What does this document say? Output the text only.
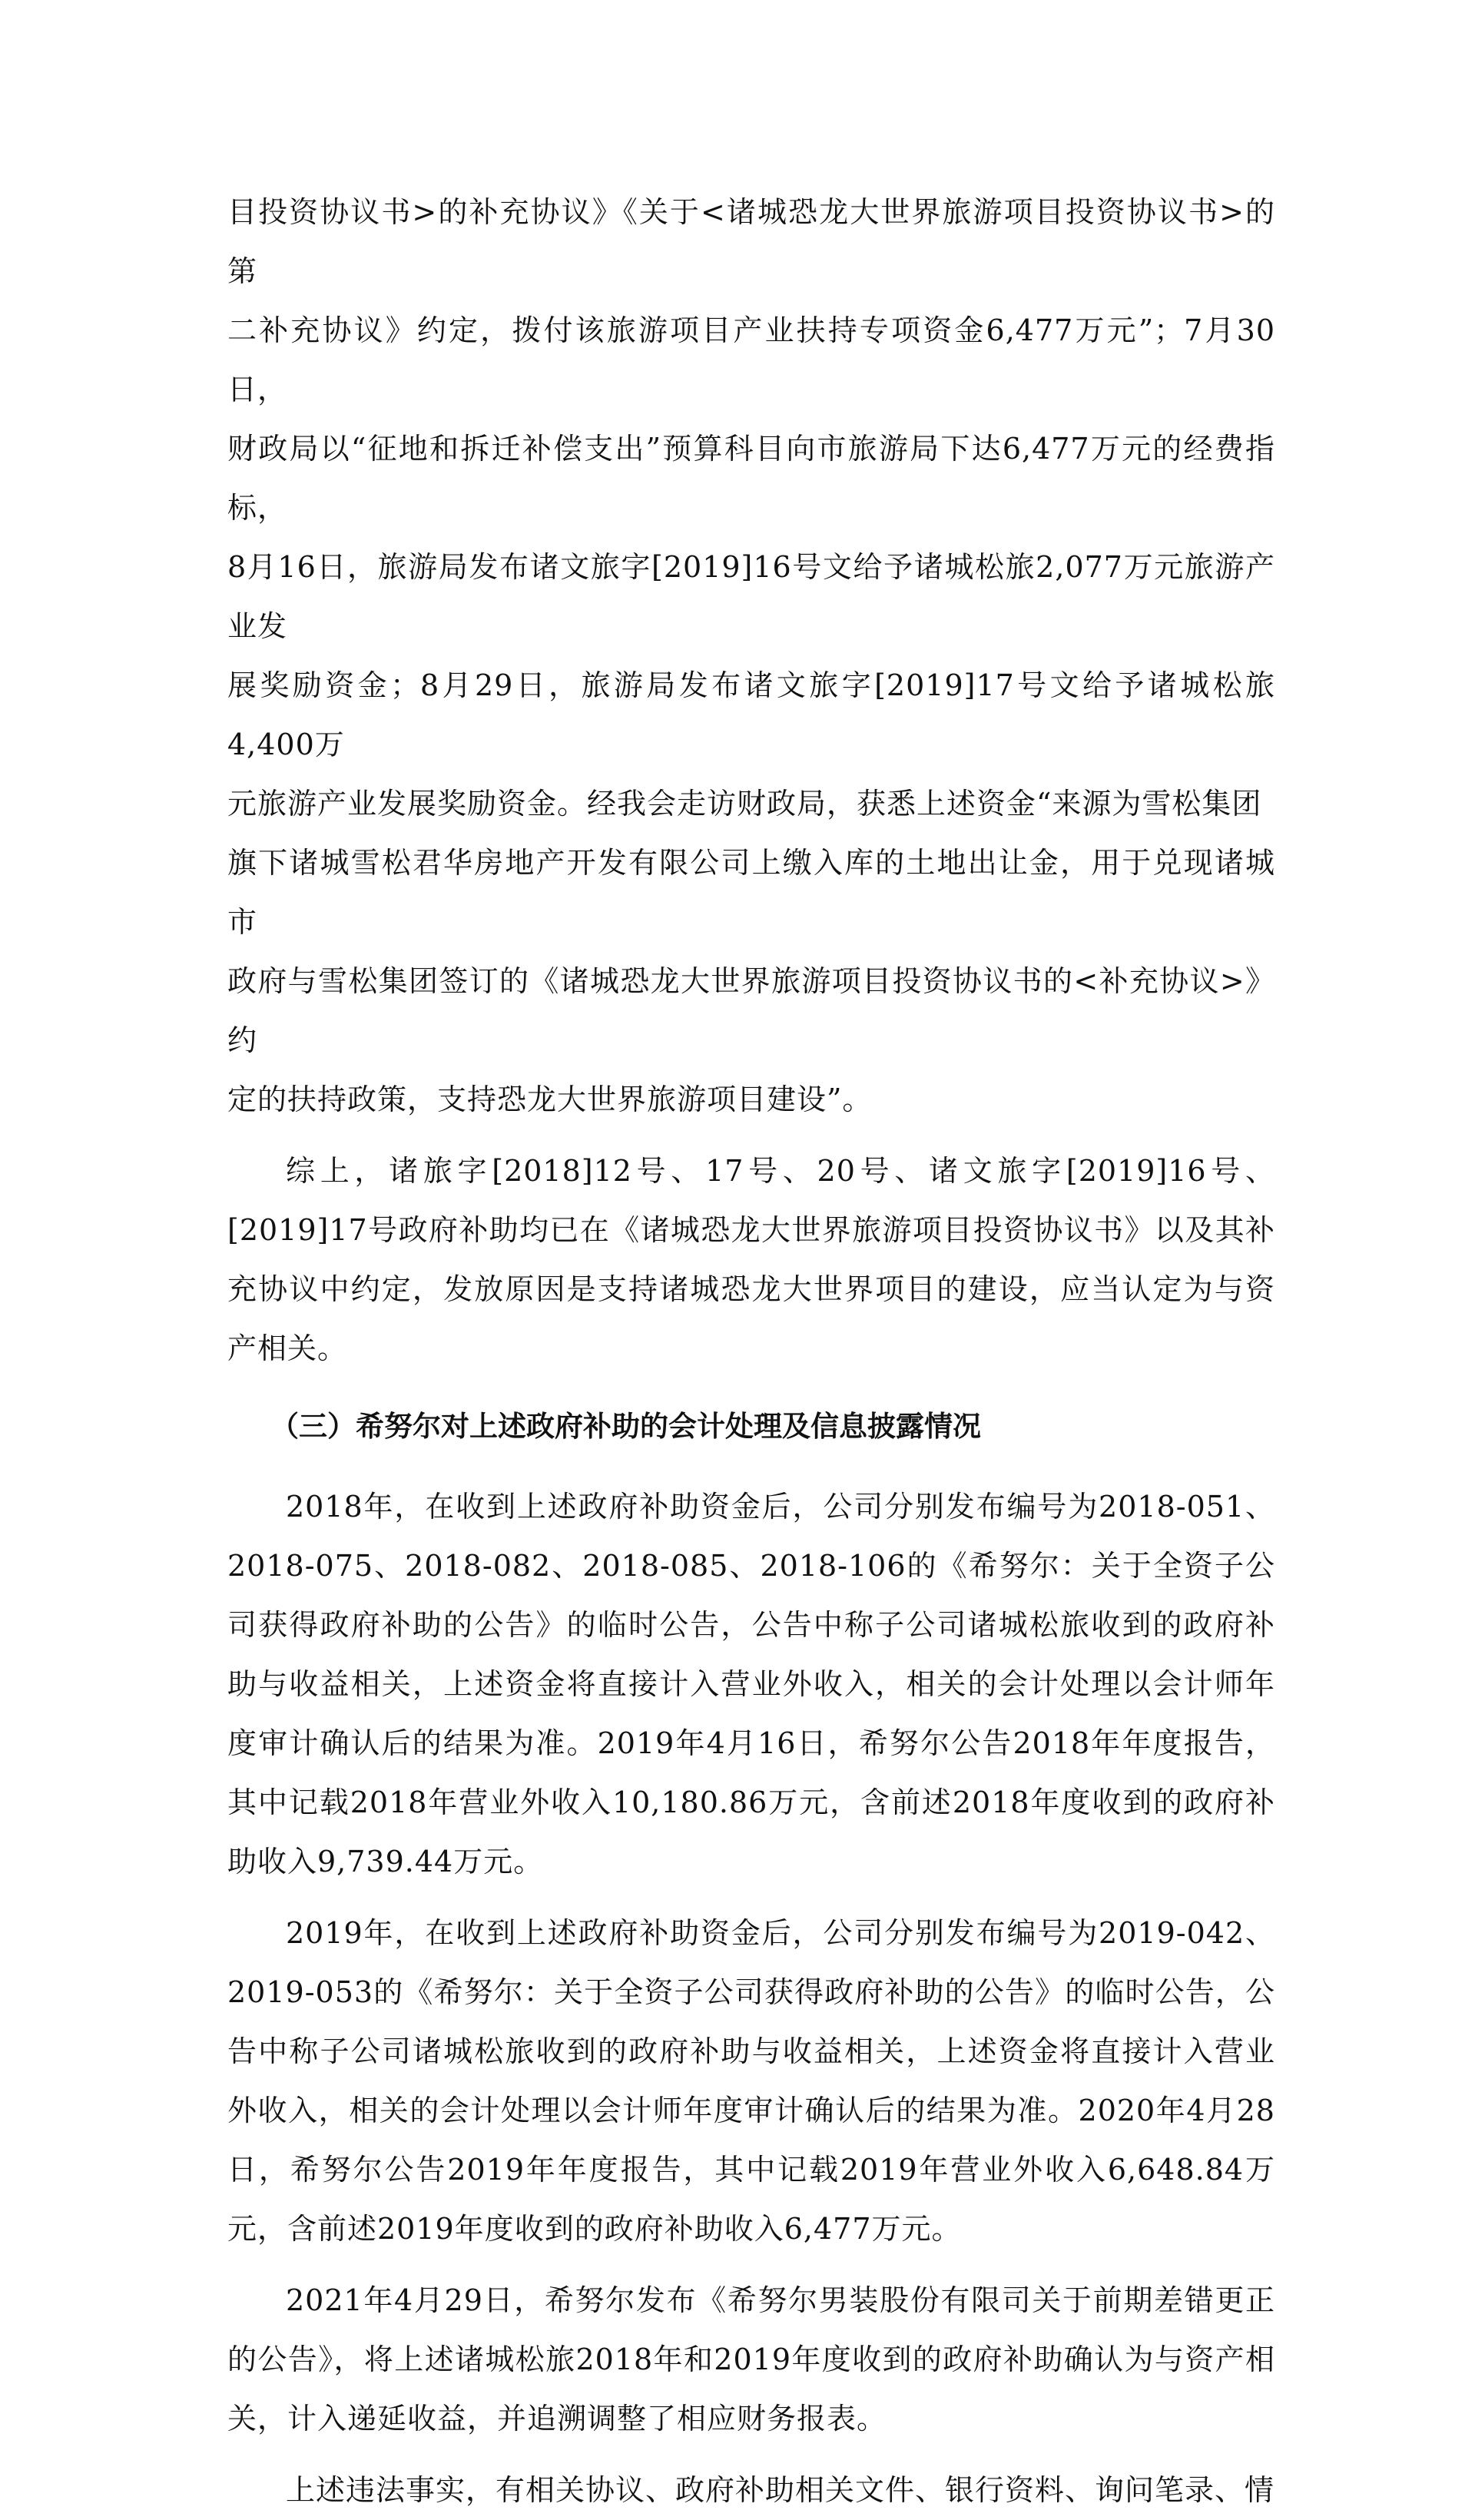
目投资协议书>的补充协议》《关于<诸城恐龙大世界旅游项目投资协议书>的第
二补充协议》约定，拨付该旅游项目产业扶持专项资金6,477万元”；7月30日，
财政局以“征地和拆迁补偿支出”预算科目向市旅游局下达6,477万元的经费指标，
8月16日，旅游局发布诸文旅字[2019]16号文给予诸城松旅2,077万元旅游产业发
展奖励资金；8月29日，旅游局发布诸文旅字[2019]17号文给予诸城松旅4,400万
元旅游产业发展奖励资金。经我会走访财政局，获悉上述资金“来源为雪松集团
旗下诸城雪松君华房地产开发有限公司上缴入库的土地出让金，用于兑现诸城市
政府与雪松集团签订的《诸城恐龙大世界旅游项目投资协议书的<补充协议>》约
定的扶持政策，支持恐龙大世界旅游项目建设”。

综上，诸旅字[2018]12号、17号、20号、诸文旅字[2019]16号、[2019]17号政府补助均已在《诸城恐龙大世界旅游项目投资协议书》以及其补充协议中约定，发放原因是支持诸城恐龙大世界项目的建设，应当认定为与资产相关。

（三）希努尔对上述政府补助的会计处理及信息披露情况

2018年，在收到上述政府补助资金后，公司分别发布编号为2018-051、2018-075、2018-082、2018-085、2018-106的《希努尔：关于全资子公司获得政府补助的公告》的临时公告，公告中称子公司诸城松旅收到的政府补助与收益相关，上述资金将直接计入营业外收入，相关的会计处理以会计师年度审计确认后的结果为准。2019年4月16日，希努尔公告2018年年度报告，其中记载2018年营业外收入10,180.86万元，含前述2018年度收到的政府补助收入9,739.44万元。

2019年，在收到上述政府补助资金后，公司分别发布编号为2019-042、2019-053的《希努尔：关于全资子公司获得政府补助的公告》的临时公告，公告中称子公司诸城松旅收到的政府补助与收益相关，上述资金将直接计入营业外收入，相关的会计处理以会计师年度审计确认后的结果为准。2020年4月28日，希努尔公告2019年年度报告，其中记载2019年营业外收入6,648.84万元，含前述2019年度收到的政府补助收入6,477万元。

2021年4月29日，希努尔发布《希努尔男装股份有限司关于前期差错更正的公告》，将上述诸城松旅2018年和2019年度收到的政府补助确认为与资产相关，计入递延收益，并追溯调整了相应财务报表。

上述违法事实，有相关协议、政府补助相关文件、银行资料、询问笔录、情
